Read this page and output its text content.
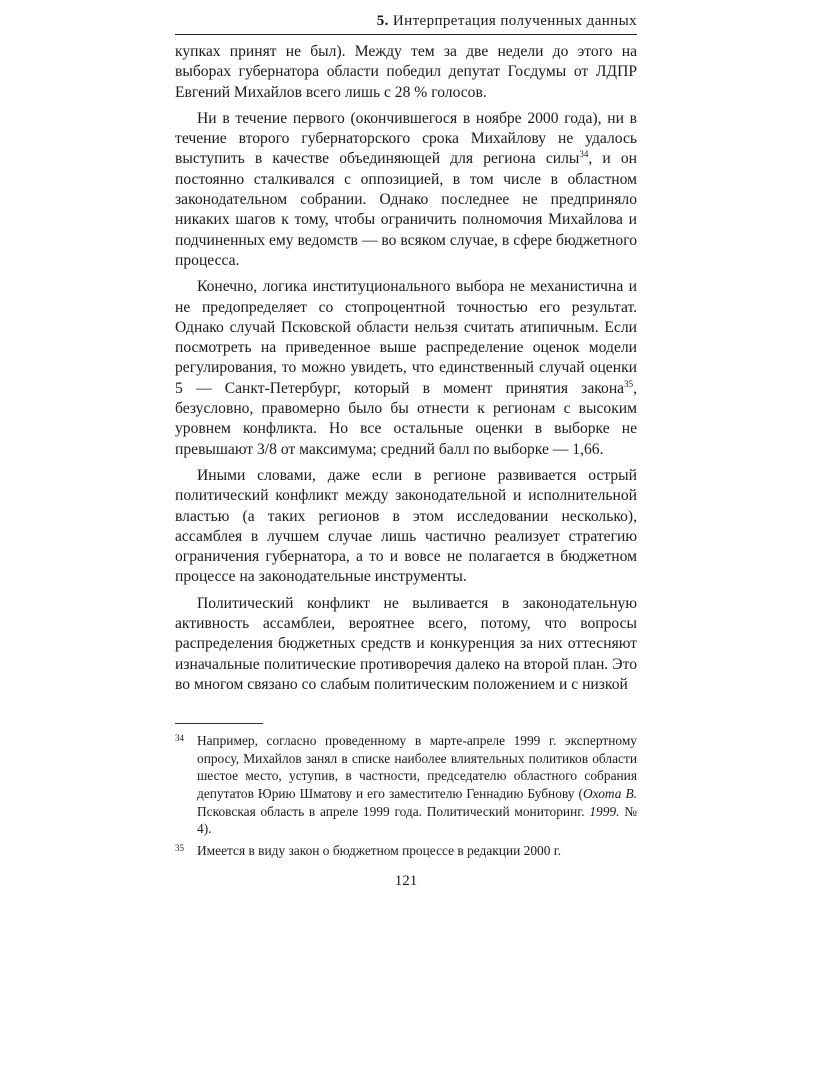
5. Интерпретация полученных данных

купках принят не был). Между тем за две недели до этого на выборах губернатора области победил депутат Госдумы от ЛДПР Евгений Михайлов всего лишь с 28 % голосов.

Ни в течение первого (окончившегося в ноябре 2000 года), ни в течение второго губернаторского срока Михайлову не удалось выступить в качестве объединяющей для региона силы$^{34}$, и он постоянно сталкивался с оппозицией, в том числе в областном законодательном собрании. Однако последнее не предприняло никаких шагов к тому, чтобы ограничить полномочия Михайлова и подчиненных ему ведомств — во всяком случае, в сфере бюджетного процесса.

Конечно, логика институционального выбора не механистична и не предопределяет со стопроцентной точностью его результат. Однако случай Псковской области нельзя считать атипичным. Если посмотреть на приведенное выше распределение оценок модели регулирования, то можно увидеть, что единственный случай оценки 5 — Санкт-Петербург, который в момент принятия закона$^{35}$, безусловно, правомерно было бы отнести к регионам с высоким уровнем конфликта. Но все остальные оценки в выборке не превышают 3/8 от максимума; средний балл по выборке — 1,66.

Иными словами, даже если в регионе развивается острый политический конфликт между законодательной и исполнительной властью (а таких регионов в этом исследовании несколько), ассамблея в лучшем случае лишь частично реализует стратегию ограничения губернатора, а то и вовсе не полагается в бюджетном процессе на законодательные инструменты.

Политический конфликт не выливается в законодательную активность ассамблеи, вероятнее всего, потому, что вопросы распределения бюджетных средств и конкуренция за них оттесняют изначальные политические противоречия далеко на второй план. Это во многом связано со слабым политическим положением и с низкой

34 Например, согласно проведенному в марте-апреле 1999 г. экспертному опросу, Михайлов занял в списке наиболее влиятельных политиков области шестое место, уступив, в частности, председателю областного собрания депутатов Юрию Шматову и его заместителю Геннадию Бубнову (Охота В. Псковская область в апреле 1999 года. Политический мониторинг. 1999. № 4).
35 Имеется в виду закон о бюджетном процессе в редакции 2000 г.
121
